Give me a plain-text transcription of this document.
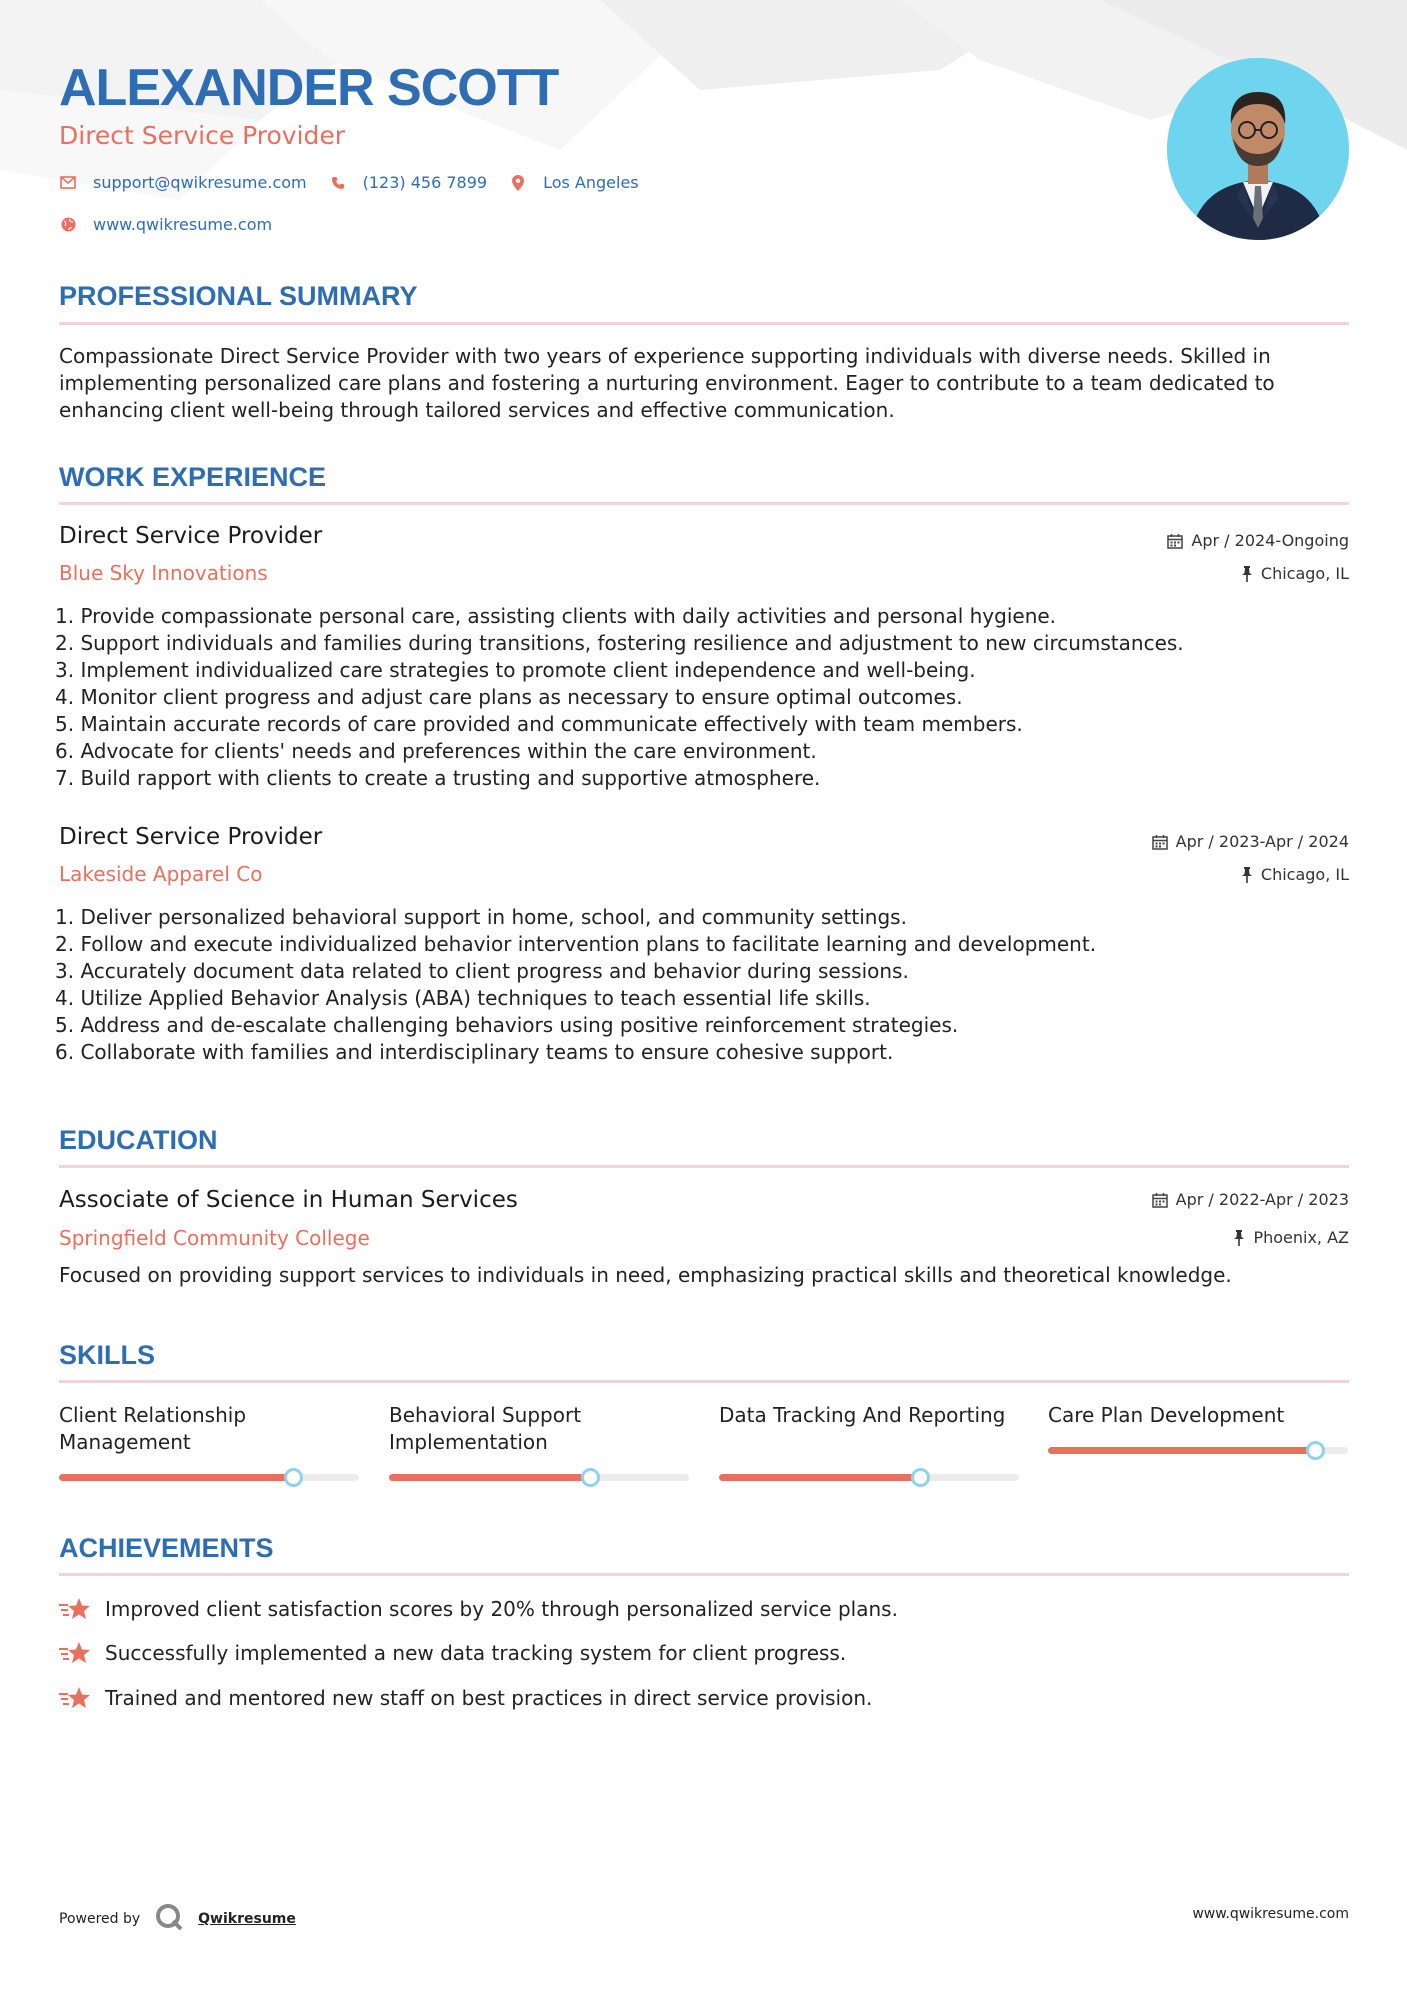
ALEXANDER SCOTT
Direct Service Provider
support@qwikresume.com	(123) 456 7899	Los Angeles
www.qwikresume.com
PROFESSIONAL SUMMARY
Compassionate Direct Service Provider with two years of experience supporting individuals with diverse needs. Skilled in implementing personalized care plans and fostering a nurturing environment. Eager to contribute to a team dedicated to enhancing client well-being through tailored services and effective communication.
WORK EXPERIENCE
Direct Service Provider	Apr / 2024-Ongoing
Blue Sky Innovations	Chicago, IL
1. Provide compassionate personal care, assisting clients with daily activities and personal hygiene.
2. Support individuals and families during transitions, fostering resilience and adjustment to new circumstances.
3. Implement individualized care strategies to promote client independence and well-being.
4. Monitor client progress and adjust care plans as necessary to ensure optimal outcomes.
5. Maintain accurate records of care provided and communicate effectively with team members.
6. Advocate for clients' needs and preferences within the care environment.
7. Build rapport with clients to create a trusting and supportive atmosphere.
Direct Service Provider	Apr / 2023-Apr / 2024
Lakeside Apparel Co	Chicago, IL
1. Deliver personalized behavioral support in home, school, and community settings.
2. Follow and execute individualized behavior intervention plans to facilitate learning and development.
3. Accurately document data related to client progress and behavior during sessions.
4. Utilize Applied Behavior Analysis (ABA) techniques to teach essential life skills.
5. Address and de-escalate challenging behaviors using positive reinforcement strategies.
6. Collaborate with families and interdisciplinary teams to ensure cohesive support.
EDUCATION
Associate of Science in Human Services	Apr / 2022-Apr / 2023
Springfield Community College	Phoenix, AZ
Focused on providing support services to individuals in need, emphasizing practical skills and theoretical knowledge.
SKILLS
Client Relationship Management
Behavioral Support Implementation
Data Tracking And Reporting	Care Plan Development
ACHIEVEMENTS
Improved client satisfaction scores by 20% through personalized service plans.
Successfully implemented a new data tracking system for client progress.
Trained and mentored new staff on best practices in direct service provision.
Powered by	Qwikresume	www.qwikresume.com
